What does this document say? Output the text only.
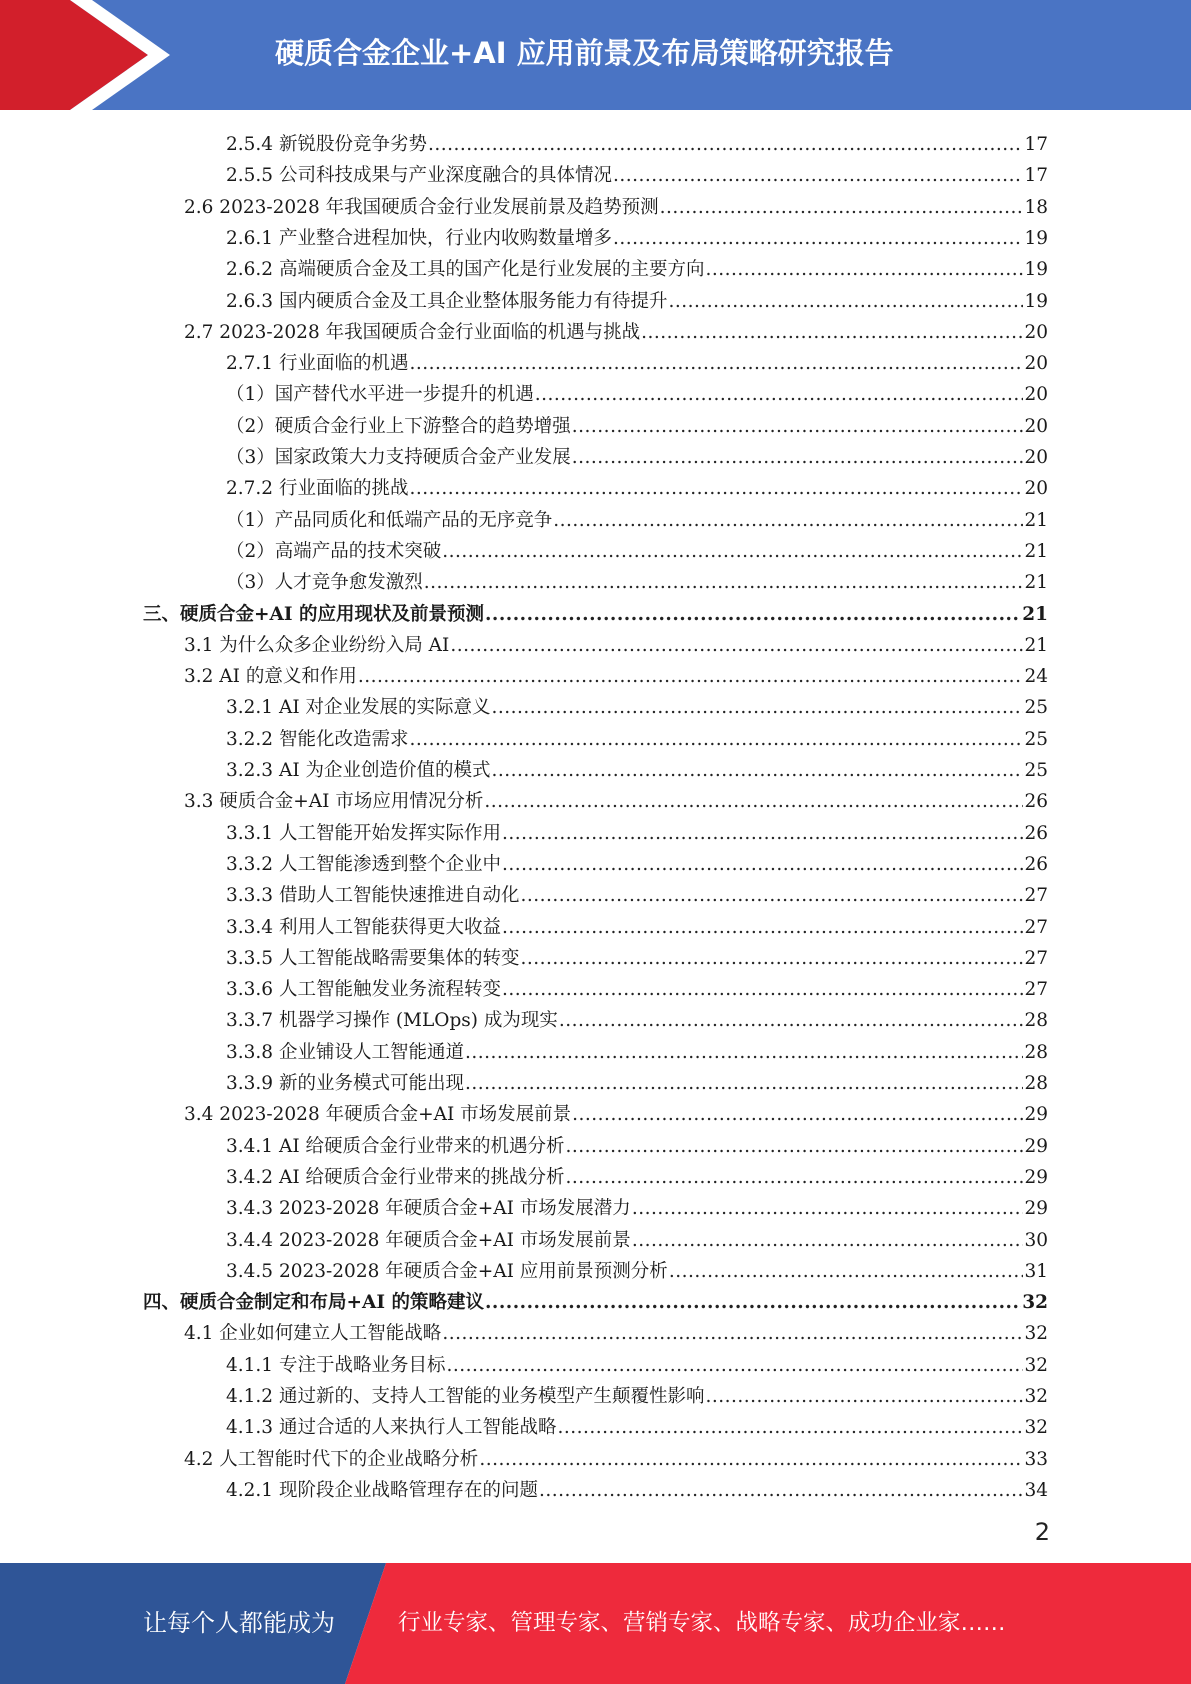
硬质合金企业+AI 应用前景及布局策略研究报告
2.5.4 新锐股份竞争劣势 .....	17
2.5.5 公司科技成果与产业深度融合的具体情况 .....	17
2.6 2023-2028 年我国硬质合金行业发展前景及趋势预测 .....	18
2.6.1 产业整合进程加快，行业内收购数量增多 .....	19
2.6.2 高端硬质合金及工具的国产化是行业发展的主要方向 .....	19
2.6.3 国内硬质合金及工具企业整体服务能力有待提升 .....	19
2.7 2023-2028 年我国硬质合金行业面临的机遇与挑战 .....	20
2.7.1 行业面临的机遇 .....	20
（1）国产替代水平进一步提升的机遇 .....	20
（2）硬质合金行业上下游整合的趋势增强 .....	20
（3）国家政策大力支持硬质合金产业发展 .....	20
2.7.2 行业面临的挑战 .....	20
（1）产品同质化和低端产品的无序竞争 .....	21
（2）高端产品的技术突破 .....	21
（3）人才竞争愈发激烈 .....	21
三、硬质合金+AI 的应用现状及前景预测 .....	21
3.1 为什么众多企业纷纷入局 AI .....	21
3.2 AI 的意义和作用 .....	24
3.2.1 AI 对企业发展的实际意义 .....	25
3.2.2 智能化改造需求 .....	25
3.2.3 AI 为企业创造价值的模式 .....	25
3.3 硬质合金+AI 市场应用情况分析 .....	26
3.3.1 人工智能开始发挥实际作用 .....	26
3.3.2 人工智能渗透到整个企业中 .....	26
3.3.3 借助人工智能快速推进自动化 .....	27
3.3.4 利用人工智能获得更大收益 .....	27
3.3.5 人工智能战略需要集体的转变 .....	27
3.3.6 人工智能触发业务流程转变 .....	27
3.3.7 机器学习操作 (MLOps) 成为现实 .....	28
3.3.8 企业铺设人工智能通道 .....	28
3.3.9 新的业务模式可能出现 .....	28
3.4 2023-2028 年硬质合金+AI 市场发展前景 .....	29
3.4.1 AI 给硬质合金行业带来的机遇分析 .....	29
3.4.2 AI 给硬质合金行业带来的挑战分析 .....	29
3.4.3 2023-2028 年硬质合金+AI 市场发展潜力 .....	29
3.4.4 2023-2028 年硬质合金+AI 市场发展前景 .....	30
3.4.5 2023-2028 年硬质合金+AI 应用前景预测分析 .....	31
四、硬质合金制定和布局+AI 的策略建议 .....	32
4.1 企业如何建立人工智能战略 .....	32
4.1.1 专注于战略业务目标 .....	32
4.1.2 通过新的、支持人工智能的业务模型产生颠覆性影响 .....	32
4.1.3 通过合适的人来执行人工智能战略 .....	32
4.2 人工智能时代下的企业战略分析 .....	33
4.2.1 现阶段企业战略管理存在的问题 .....	34
2
让每个人都能成为	行业专家、管理专家、营销专家、战略专家、成功企业家……
